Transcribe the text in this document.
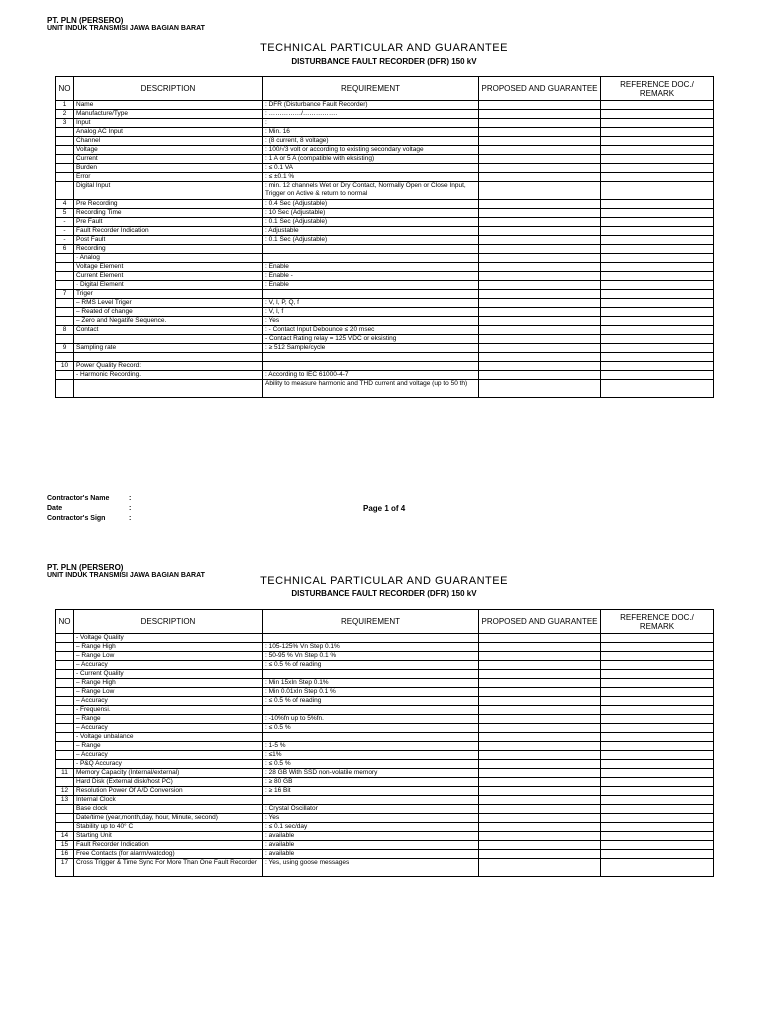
PT. PLN (PERSERO)
UNIT INDUK TRANSMISI JAWA BAGIAN BARAT
TECHNICAL PARTICULAR AND GUARANTEE
DISTURBANCE FAULT RECORDER (DFR) 150 kV
NO	DESCRIPTION	REQUIREMENT	PROPOSED AND GUARANTEE	REFERENCE DOC./ REMARK
1	Name	: DFR (Disturbance Fault Recorder)		
2	Manufacture/Type	: ……………/…………….		
3	Input	:		
	Analog AC Input	: Min. 16		
	Channel	: (8 current, 8 voltage)		
	Voltage	: 100/√3 volt or according to existing secondary voltage		
	Current	: 1 A or 5 A (compatible with eksisting)		
	Burden	: ≤ 0.1 VA		
	Error	: ≤ ±0.1 %		
	Digital Input	: min. 12 channels Wet or Dry Contact, Normally Open or Close Input, Trigger on Active & return to normal		
4	Pre Recording	: 0.4 Sec (Adjustable)		
5	Recording Time	: 10 Sec (Adjustable)		
-	Pre Fault	: 0.1 Sec (Adjustable)		
-	Fault Recorder Indication	: Adjustable		
-	Post Fault	: 0.1 Sec (Adjustable)		
6	Recording			
	· Analog			
	Voltage Element	: Enable		
	Current Element	: Enable -		
	· Digital Element	: Enable		
7	Triger			
	– RMS Level Triger	: V, I, P, Q, f		
	– Reated of change	: V, I, f		
	– Zero and Negatife Sequence.	: Yes		
8	Contact	: - Contact Input Debounce ≤ 20 msec		
		- Contact Rating relay = 125 VDC or eksisting		
9	Sampling rate	: ≥ 512 Sample/cycle		

10	Power Quality Record:			
	- Harmonic Recording.	: According to IEC 61000-4-7		
		Ability to measure harmonic and THD current and voltage (up to 50 th)		
Contractor's Name	:
Date	:
Contractor's Sign	:
Page 1 of 4
PT. PLN (PERSERO)
UNIT INDUK TRANSMISI JAWA BAGIAN BARAT	TECHNICAL PARTICULAR AND GUARANTEE
DISTURBANCE FAULT RECORDER (DFR) 150 kV
NO	DESCRIPTION	REQUIREMENT	PROPOSED AND GUARANTEE	REFERENCE DOC./ REMARK
	- Voltage Quality			
	– Range High	: 105-125% Vn Step 0.1%		
	– Range Low	: 50-95 % Vn Step 0.1 %		
	– Accuracy	: ≤ 0.5 % of reading		
	- Current Quality			
	– Range High	: Min 15xIn Step 0.1%		
	– Range Low	: Min 0.01xIn Step 0.1 %		
	– Accuracy	: ≤ 0.5 % of reading		
	- Frequensi.			
	– Range	: -10%fn up to 5%fn.		
	– Accuracy	: ≤ 0.5 %		
	- Voltage unbalance			
	– Range	: 1-5 %		
	– Accuracy	: ≤1%		
	- P&Q Accuracy	: ≤ 0.5 %		
11	Memory Capacity (Internal/external)	: 28 GB With SSD non-volatile memory		
	Hard Disk (External disk/host PC)	: ≥ 80 GB		
12	Resolution Power Of A/D Conversion	: ≥ 16 Bit		
13	Internal Clock			
	Base clock	: Crystal Oscillator		
	Date/time (year,month,day, hour, Minute, second)	: Yes		
	Stability up to 40° C	: ≤ 0.1 sec/day		
14	Starting Unit	: available		
15	Fault Recorder Indication	: available		
16	Free Contacts (for alarm/watcdog)	: available		
17	Cross Trigger & Time Sync For More Than One Fault Recorder	: Yes, using goose messages		
